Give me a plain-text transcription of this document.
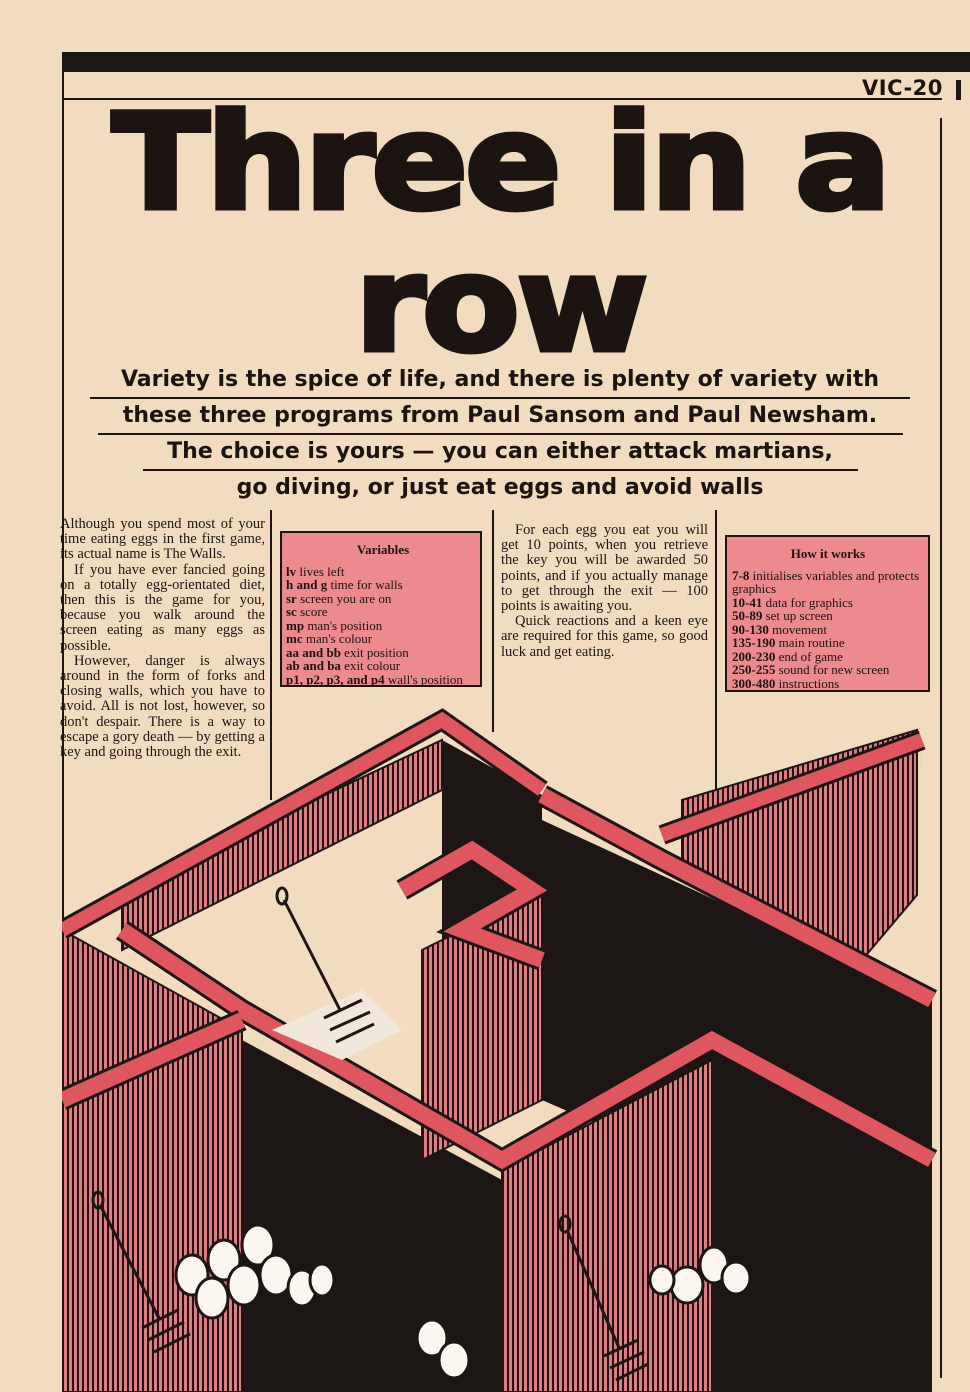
VIC-20
Three in a
row
Variety is the spice of life, and there is plenty of variety with
these three programs from Paul Sansom and Paul Newsham.
The choice is yours — you can either attack martians,
go diving, or just eat eggs and avoid walls

Although you spend most of your time eating eggs in the first game, its actual name is The Walls.

If you have ever fancied going on a totally egg-orientated diet, then this is the game for you, because you walk around the screen eating as many eggs as possible.

However, danger is always around in the form of forks and closing walls, which you have to avoid. All is not lost, however, so don't despair. There is a way to escape a gory death — by getting a key and going through the exit.

Variables
lv lives left
h and g time for walls
sr screen you are on
sc score
mp man's position
mc man's colour
aa and bb exit position
ab and ba exit colour
p1, p2, p3, and p4 wall's position

For each egg you eat you will get 10 points, when you retrieve the key you will be awarded 50 points, and if you actually manage to get through the exit — 100 points is awaiting you.

Quick reactions and a keen eye are required for this game, so good luck and get eating.

How it works
7-8 initialises variables and protects graphics
10-41 data for graphics
50-89 set up screen
90-130 movement
135-190 main routine
200-230 end of game
250-255 sound for new screen
300-480 instructions
